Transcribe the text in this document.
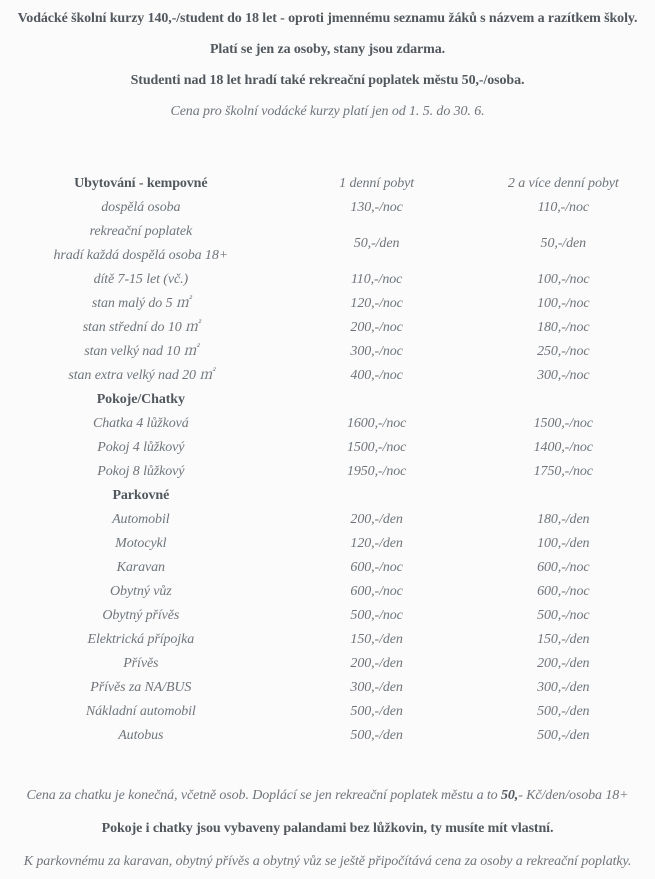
Vodácké školní kurzy 140,-/student do 18 let - oproti jmennému seznamu žáků s názvem a razítkem školy.

Platí se jen za osoby, stany jsou zdarma.

Studenti nad 18 let hradí také rekreační poplatek městu 50,-/osoba.

Cena pro školní vodácké kurzy platí jen od 1. 5. do 30. 6.

Ubytování - kempovné	1 denní pobyt	2 a více denní pobyt
dospělá osoba	130,-/noc	110,-/noc

rekreační poplatek
hradí každá dospělá osoba 18+	50,-/den	50,-/den
dítě 7-15 let (vč.)	110,-/noc	100,-/noc
stan malý do 5 ㎡	120,-/noc	100,-/noc
stan střední do 10 ㎡	200,-/noc	180,-/noc
stan velký nad 10 ㎡	300,-/noc	250,-/noc
stan extra velký nad 20 ㎡	400,-/noc	300,-/noc
Pokoje/Chatky		
Chatka 4 lůžková	1600,-/noc	1500,-/noc
Pokoj 4 lůžkový	1500,-/noc	1400,-/noc
Pokoj 8 lůžkový	1950,-/noc	1750,-/noc
Parkovné		
Automobil	200,-/den	180,-/den
Motocykl	120,-/den	100,-/den
Karavan	600,-/noc	600,-/noc
Obytný vůz	600,-/noc	600,-/noc
Obytný přívěs	500,-/noc	500,-/noc
Elektrická přípojka	150,-/den	150,-/den
Přívěs	200,-/den	200,-/den
Přívěs za NA/BUS	300,-/den	300,-/den
Nákladní automobil	500,-/den	500,-/den
Autobus	500,-/den	500,-/den

Cena za chatku je konečná, včetně osob. Doplácí se jen rekreační poplatek městu a to 50,- Kč/den/osoba 18+

Pokoje i chatky jsou vybaveny palandami bez lůžkovin, ty musíte mít vlastní.

K parkovnému za karavan, obytný přívěs a obytný vůz se ještě připočítává cena za osoby a rekreační poplatky.
